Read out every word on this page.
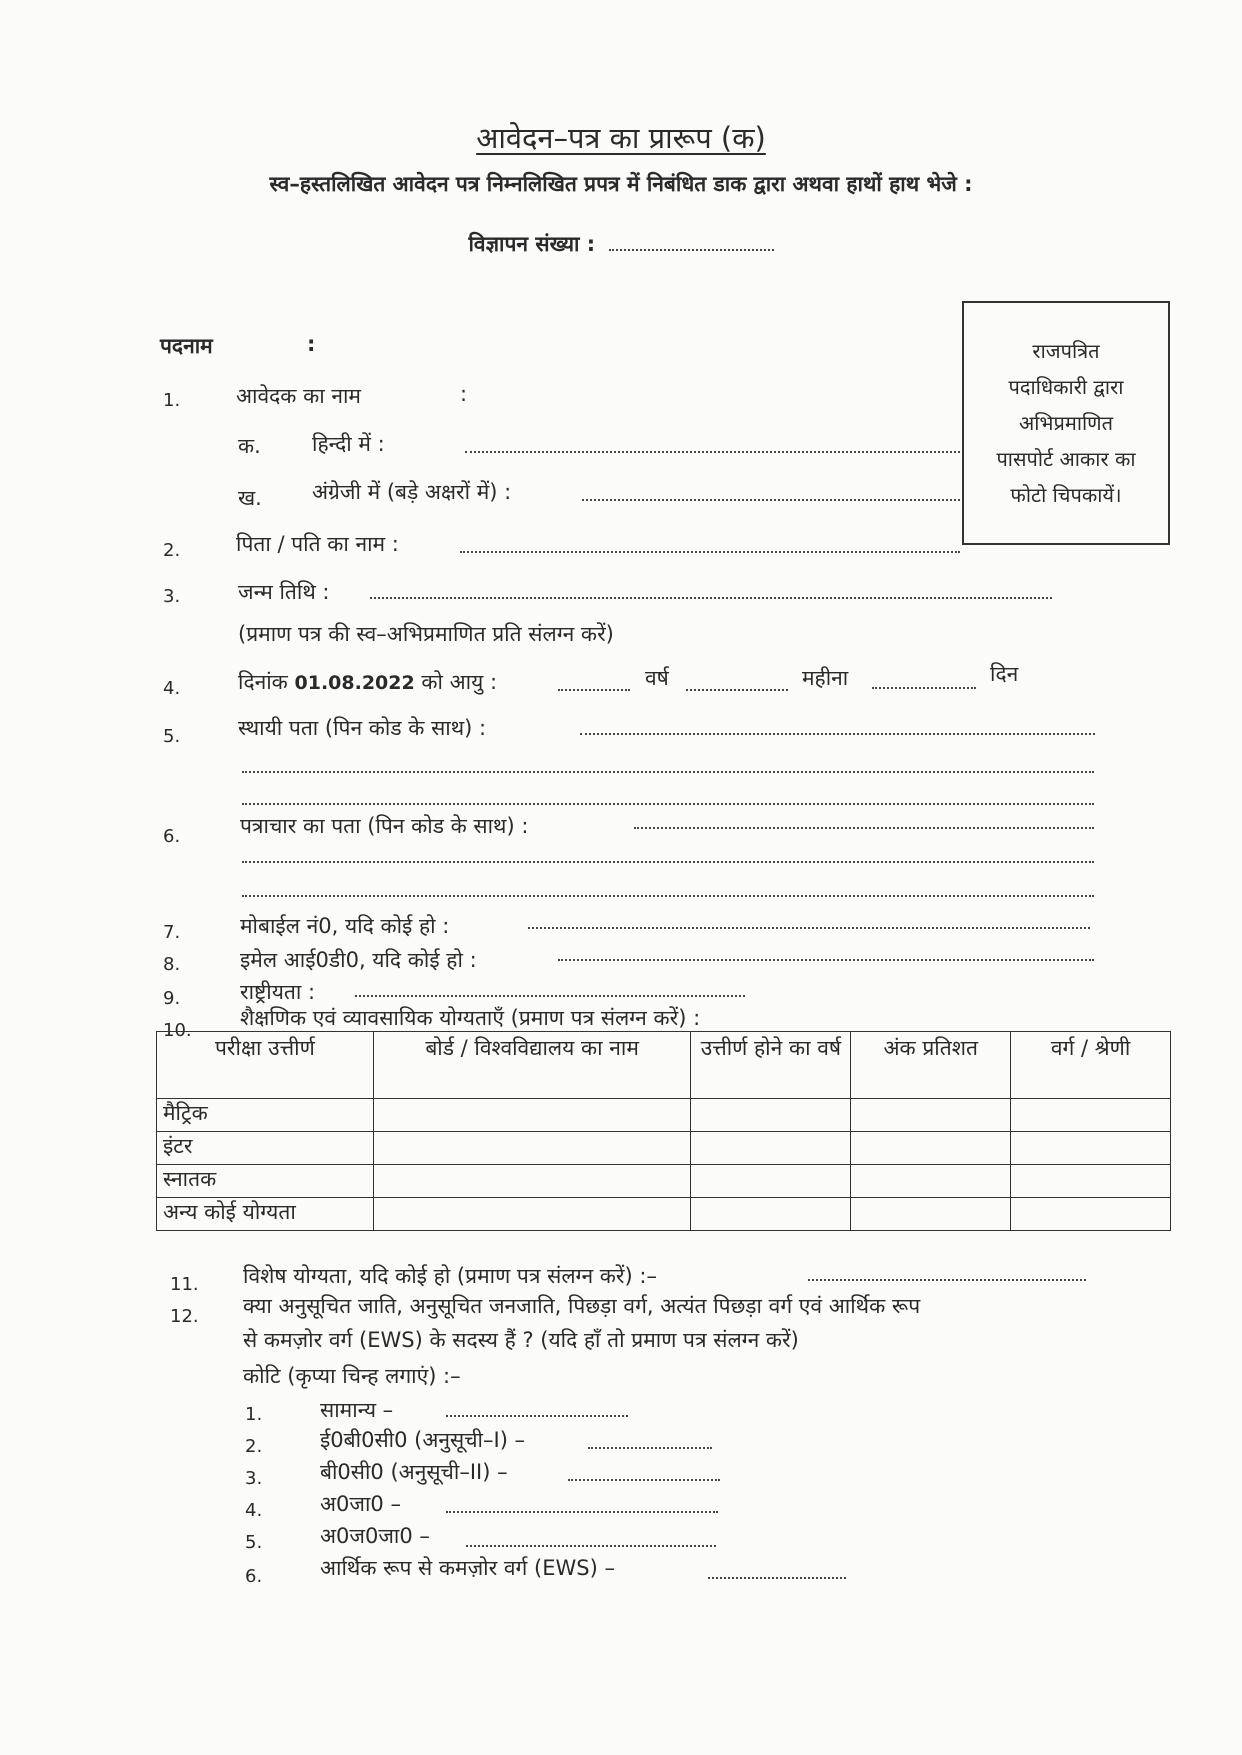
आवेदन–पत्र का प्रारूप (क)
स्व–हस्तलिखित आवेदन पत्र निम्नलिखित प्रपत्र में निबंधित डाक द्वारा अथवा हाथों हाथ भेजे :
विज्ञापन संख्या :
पदनाम	:	राजपत्रित
पदाधिकारी द्वारा
अभिप्रमाणित
पासपोर्ट आकार का
फोटो चिपकायें।
1.	आवेदक का नाम	:
क. हिन्दी में :
ख. अंग्रेजी में (बड़े अक्षरों में) :
2.	पिता / पति का नाम :
3.	जन्म तिथि :
(प्रमाण पत्र की स्व–अभिप्रमाणित प्रति संलग्न करें)
4.	दिनांक 01.08.2022 को आयु :	वर्ष	महीना	दिन
5.	स्थायी पता (पिन कोड के साथ) :
6.	पत्राचार का पता (पिन कोड के साथ) :
7.	मोबाईल नं0, यदि कोई हो :
8.	इमेल आई0डी0, यदि कोई हो :
9.	राष्ट्रीयता :
10.
शैक्षणिक एवं व्यावसायिक योग्यताएँ (प्रमाण पत्र संलग्न करें) :
परीक्षा उत्तीर्ण	बोर्ड / विश्वविद्यालय का नाम	उत्तीर्ण होने का वर्ष	अंक प्रतिशत	वर्ग / श्रेणी
मैट्रिक				
इंटर				
स्नातक				
अन्य कोई योग्यता				
11. विशेष योग्यता, यदि कोई हो (प्रमाण पत्र संलग्न करें) :–
12. क्या अनुसूचित जाति, अनुसूचित जनजाति, पिछड़ा वर्ग, अत्यंत पिछड़ा वर्ग एवं आर्थिक रूप
से कमज़ोर वर्ग (EWS) के सदस्य हैं ? (यदि हाँ तो प्रमाण पत्र संलग्न करें)
कोटि (कृप्या चिन्ह लगाएं) :–
1.	सामान्य –
2.	ई0बी0सी0 (अनुसूची–I) –
3.	बी0सी0 (अनुसूची–II) –
4.	अ0जा0 –
5.	अ0ज0जा0 –
6.	आर्थिक रूप से कमज़ोर वर्ग (EWS) –
